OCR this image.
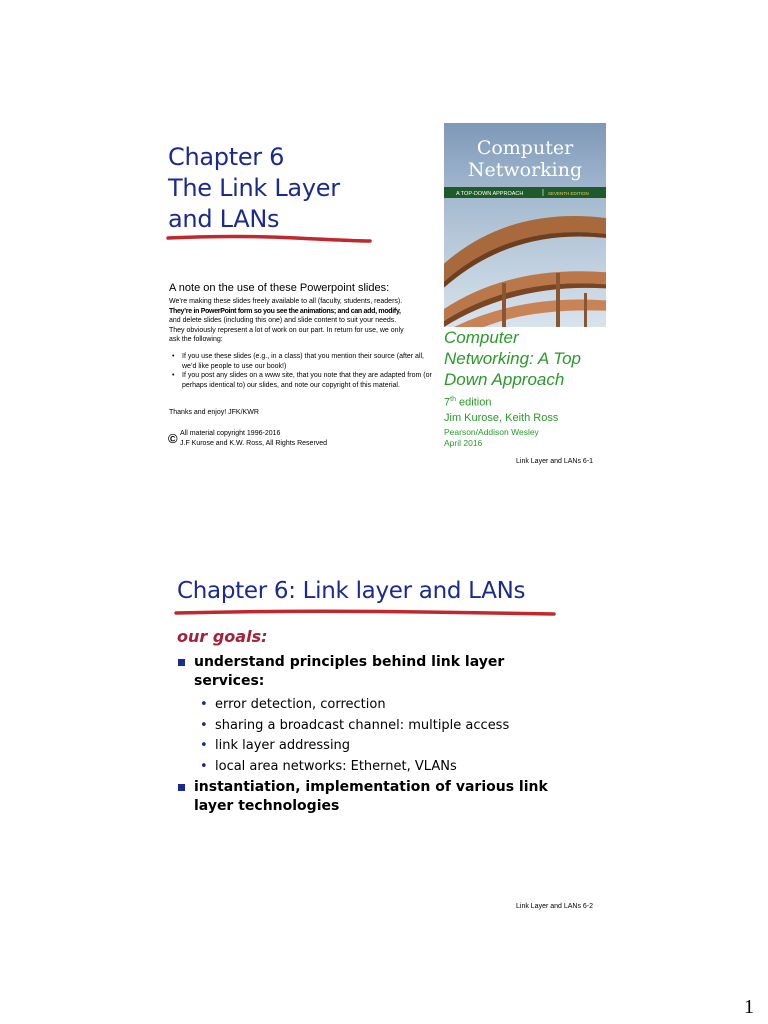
Chapter 6
The Link Layer
and LANs
A note on the use of these Powerpoint slides:

We’re making these slides freely available to all (faculty, students, readers).

They’re in PowerPoint form so you see the animations; and can add, modify,

and delete slides (including this one) and slide content to suit your needs.

They obviously represent a lot of work on our part. In return for use, we only

ask the following:

• If you use these slides (e.g., in a class) that you mention their source (after all, we’d like people to use our book!)
• If you post any slides on a www site, that you note that they are adapted from (or perhaps identical to) our slides, and note our copyright of this material.
Thanks and enjoy! JFK/KWR
© All material copyright 1996-2016
J.F Kurose and K.W. Ross, All Rights Reserved
Computer
Networking
A TOP-DOWN APPROACH	SEVENTH EDITION
Computer
Networking: A Top
Down Approach
7th edition
Jim Kurose, Keith Ross
Pearson/Addison Wesley
April 2016
Link Layer and LANs 6-1
Chapter 6: Link layer and LANs
our goals:
understand principles behind link layer
services:
• error detection, correction
• sharing a broadcast channel: multiple access
• link layer addressing
• local area networks: Ethernet, VLANs
instantiation, implementation of various link
layer technologies
Link Layer and LANs 6-2
1
